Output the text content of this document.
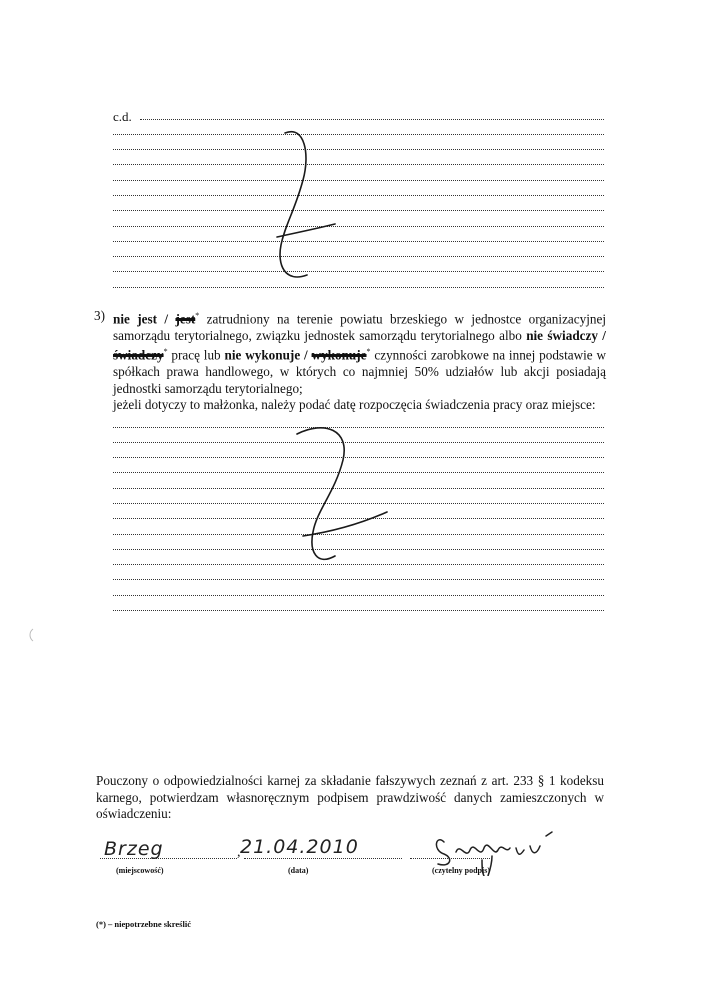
c.d.
3) nie jest / jest* zatrudniony na terenie powiatu brzeskiego w jednostce organizacyjnej samorządu terytorialnego, związku jednostek samorządu terytorialnego albo nie świadczy / świadczy* pracę lub nie wykonuje / wykonuje* czynności zarobkowe na innej podstawie w spółkach prawa handlowego, w których co najmniej 50% udziałów lub akcji posiadają jednostki samorządu terytorialnego;

jeżeli dotyczy to małżonka, należy podać datę rozpoczęcia świadczenia pracy oraz miejsce:

Pouczony o odpowiedzialności karnej za składanie fałszywych zeznań z art. 233 § 1 kodeksu karnego, potwierdzam własnoręcznym podpisem prawdziwość danych zamieszczonych w oświadczeniu:
Brzeg	, 21.04.2010
(miejscowość)	(data)	(czytelny podpis)
(*) – niepotrzebne skreślić
